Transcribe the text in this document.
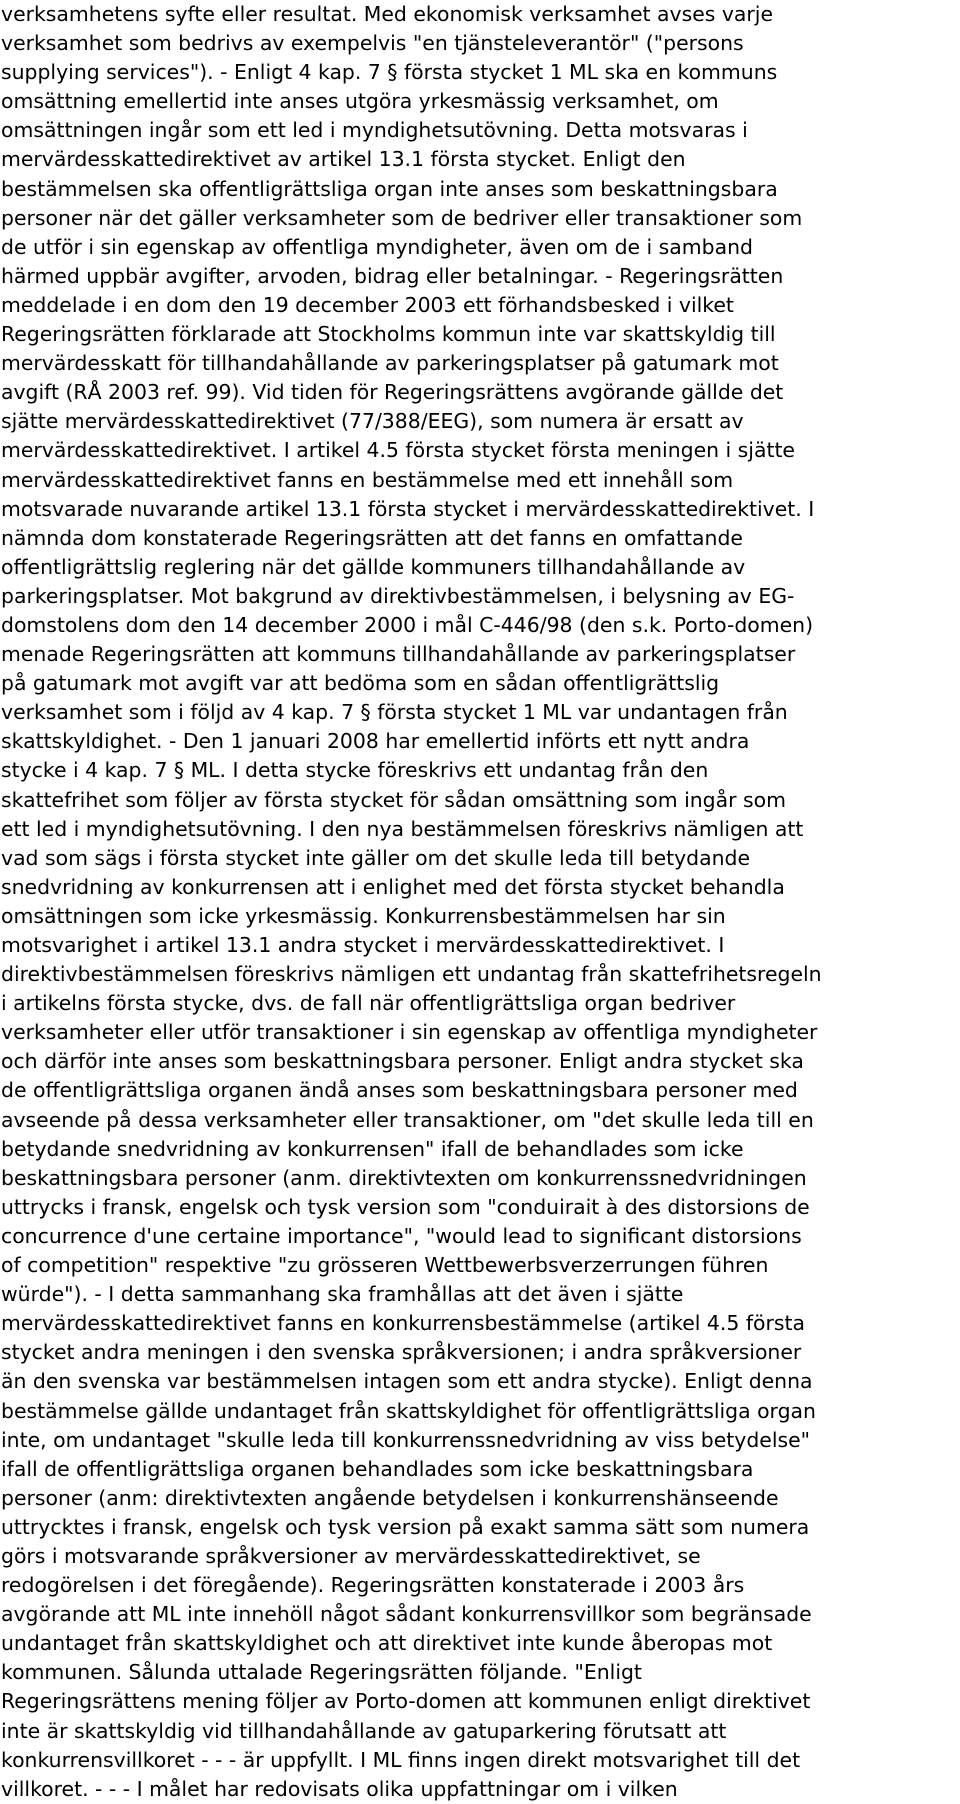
verksamhetens syfte eller resultat. Med ekonomisk verksamhet avses varje
verksamhet som bedrivs av exempelvis "en tjänsteleverantör" ("persons
supplying services"). - Enligt 4 kap. 7 § första stycket 1 ML ska en kommuns
omsättning emellertid inte anses utgöra yrkesmässig verksamhet, om
omsättningen ingår som ett led i myndighetsutövning. Detta motsvaras i
mervärdesskattedirektivet av artikel 13.1 första stycket. Enligt den
bestämmelsen ska offentligrättsliga organ inte anses som beskattningsbara
personer när det gäller verksamheter som de bedriver eller transaktioner som
de utför i sin egenskap av offentliga myndigheter, även om de i samband
härmed uppbär avgifter, arvoden, bidrag eller betalningar. - Regeringsrätten
meddelade i en dom den 19 december 2003 ett förhandsbesked i vilket
Regeringsrätten förklarade att Stockholms kommun inte var skattskyldig till
mervärdesskatt för tillhandahållande av parkeringsplatser på gatumark mot
avgift (RÅ 2003 ref. 99). Vid tiden för Regeringsrättens avgörande gällde det
sjätte mervärdesskattedirektivet (77/388/EEG), som numera är ersatt av
mervärdesskattedirektivet. I artikel 4.5 första stycket första meningen i sjätte
mervärdesskattedirektivet fanns en bestämmelse med ett innehåll som
motsvarade nuvarande artikel 13.1 första stycket i mervärdesskattedirektivet. I
nämnda dom konstaterade Regeringsrätten att det fanns en omfattande
offentligrättslig reglering när det gällde kommuners tillhandahållande av
parkeringsplatser. Mot bakgrund av direktivbestämmelsen, i belysning av EG-
domstolens dom den 14 december 2000 i mål C-446/98 (den s.k. Porto-domen)
menade Regeringsrätten att kommuns tillhandahållande av parkeringsplatser
på gatumark mot avgift var att bedöma som en sådan offentligrättslig
verksamhet som i följd av 4 kap. 7 § första stycket 1 ML var undantagen från
skattskyldighet. - Den 1 januari 2008 har emellertid införts ett nytt andra
stycke i 4 kap. 7 § ML. I detta stycke föreskrivs ett undantag från den
skattefrihet som följer av första stycket för sådan omsättning som ingår som
ett led i myndighetsutövning. I den nya bestämmelsen föreskrivs nämligen att
vad som sägs i första stycket inte gäller om det skulle leda till betydande
snedvridning av konkurrensen att i enlighet med det första stycket behandla
omsättningen som icke yrkesmässig. Konkurrensbestämmelsen har sin
motsvarighet i artikel 13.1 andra stycket i mervärdesskattedirektivet. I
direktivbestämmelsen föreskrivs nämligen ett undantag från skattefrihetsregeln
i artikelns första stycke, dvs. de fall när offentligrättsliga organ bedriver
verksamheter eller utför transaktioner i sin egenskap av offentliga myndigheter
och därför inte anses som beskattningsbara personer. Enligt andra stycket ska
de offentligrättsliga organen ändå anses som beskattningsbara personer med
avseende på dessa verksamheter eller transaktioner, om "det skulle leda till en
betydande snedvridning av konkurrensen" ifall de behandlades som icke
beskattningsbara personer (anm. direktivtexten om konkurrenssnedvridningen
uttrycks i fransk, engelsk och tysk version som "conduirait à des distorsions de
concurrence d'une certaine importance", "would lead to significant distorsions
of competition" respektive "zu grösseren Wettbewerbsverzerrungen führen
würde"). - I detta sammanhang ska framhållas att det även i sjätte
mervärdesskattedirektivet fanns en konkurrensbestämmelse (artikel 4.5 första
stycket andra meningen i den svenska språkversionen; i andra språkversioner
än den svenska var bestämmelsen intagen som ett andra stycke). Enligt denna
bestämmelse gällde undantaget från skattskyldighet för offentligrättsliga organ
inte, om undantaget "skulle leda till konkurrenssnedvridning av viss betydelse"
ifall de offentligrättsliga organen behandlades som icke beskattningsbara
personer (anm: direktivtexten angående betydelsen i konkurrenshänseende
uttrycktes i fransk, engelsk och tysk version på exakt samma sätt som numera
görs i motsvarande språkversioner av mervärdesskattedirektivet, se
redogörelsen i det föregående). Regeringsrätten konstaterade i 2003 års
avgörande att ML inte innehöll något sådant konkurrensvillkor som begränsade
undantaget från skattskyldighet och att direktivet inte kunde åberopas mot
kommunen. Sålunda uttalade Regeringsrätten följande. "Enligt
Regeringsrättens mening följer av Porto-domen att kommunen enligt direktivet
inte är skattskyldig vid tillhandahållande av gatuparkering förutsatt att
konkurrensvillkoret - - - är uppfyllt. I ML finns ingen direkt motsvarighet till det
villkoret. - - - I målet har redovisats olika uppfattningar om i vilken
